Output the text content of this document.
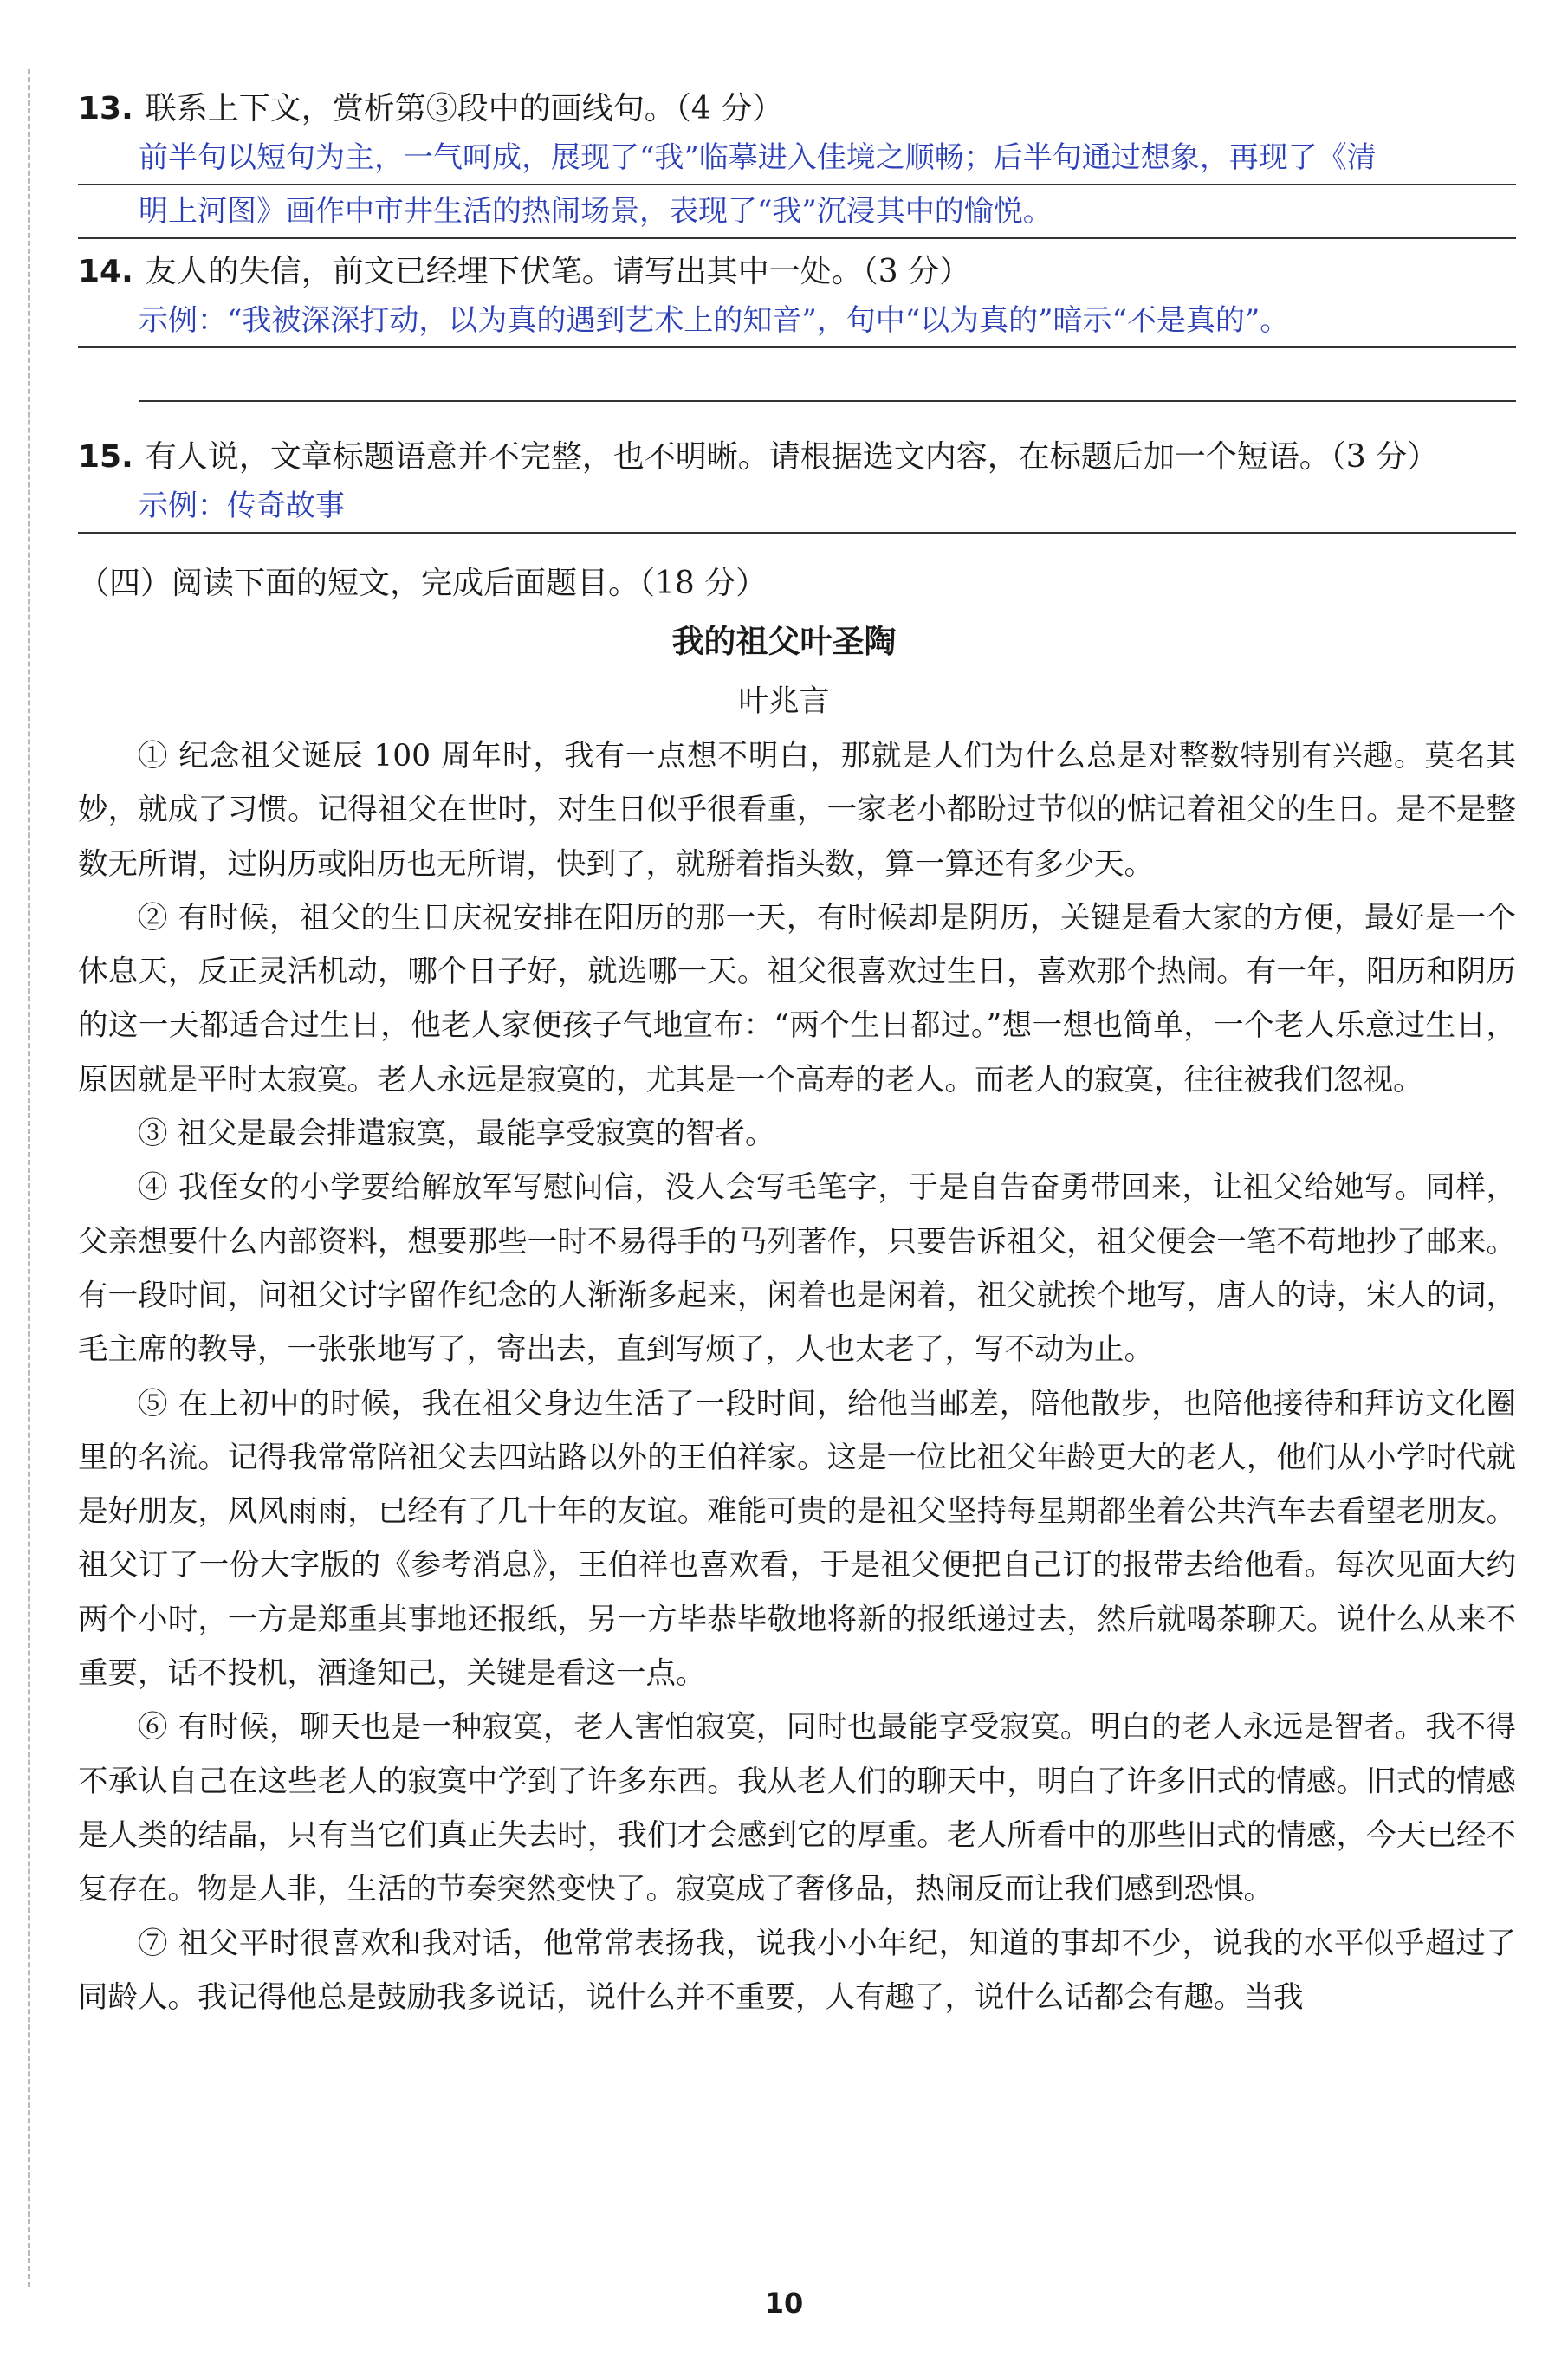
13. 联系上下文，赏析第③段中的画线句。（4 分）
前半句以短句为主，一气呵成，展现了“我”临摹进入佳境之顺畅；后半句通过想象，再现了《清
明上河图》画作中市井生活的热闹场景，表现了“我”沉浸其中的愉悦。
14. 友人的失信，前文已经埋下伏笔。请写出其中一处。（3 分）
示例：“我被深深打动，以为真的遇到艺术上的知音”，句中“以为真的”暗示“不是真的”。
15. 有人说，文章标题语意并不完整，也不明晰。请根据选文内容，在标题后加一个短语。（3 分）
示例：传奇故事
（四）阅读下面的短文，完成后面题目。（18 分）
我的祖父叶圣陶
叶兆言

① 纪念祖父诞辰 100 周年时，我有一点想不明白，那就是人们为什么总是对整数特别有兴趣。莫名其妙，就成了习惯。记得祖父在世时，对生日似乎很看重，一家老小都盼过节似的惦记着祖父的生日。是不是整数无所谓，过阴历或阳历也无所谓，快到了，就掰着指头数，算一算还有多少天。

② 有时候，祖父的生日庆祝安排在阳历的那一天，有时候却是阴历，关键是看大家的方便，最好是一个休息天，反正灵活机动，哪个日子好，就选哪一天。祖父很喜欢过生日，喜欢那个热闹。有一年，阳历和阴历的这一天都适合过生日，他老人家便孩子气地宣布：“两个生日都过。”想一想也简单，一个老人乐意过生日，原因就是平时太寂寞。老人永远是寂寞的，尤其是一个高寿的老人。而老人的寂寞，往往被我们忽视。

③ 祖父是最会排遣寂寞，最能享受寂寞的智者。

④ 我侄女的小学要给解放军写慰问信，没人会写毛笔字，于是自告奋勇带回来，让祖父给她写。同样，父亲想要什么内部资料，想要那些一时不易得手的马列著作，只要告诉祖父，祖父便会一笔不苟地抄了邮来。有一段时间，问祖父讨字留作纪念的人渐渐多起来，闲着也是闲着，祖父就挨个地写，唐人的诗，宋人的词，毛主席的教导，一张张地写了，寄出去，直到写烦了，人也太老了，写不动为止。

⑤ 在上初中的时候，我在祖父身边生活了一段时间，给他当邮差，陪他散步，也陪他接待和拜访文化圈里的名流。记得我常常陪祖父去四站路以外的王伯祥家。这是一位比祖父年龄更大的老人，他们从小学时代就是好朋友，风风雨雨，已经有了几十年的友谊。难能可贵的是祖父坚持每星期都坐着公共汽车去看望老朋友。祖父订了一份大字版的《参考消息》，王伯祥也喜欢看，于是祖父便把自己订的报带去给他看。每次见面大约两个小时，一方是郑重其事地还报纸，另一方毕恭毕敬地将新的报纸递过去，然后就喝茶聊天。说什么从来不重要，话不投机，酒逢知己，关键是看这一点。

⑥ 有时候，聊天也是一种寂寞，老人害怕寂寞，同时也最能享受寂寞。明白的老人永远是智者。我不得不承认自己在这些老人的寂寞中学到了许多东西。我从老人们的聊天中，明白了许多旧式的情感。旧式的情感是人类的结晶，只有当它们真正失去时，我们才会感到它的厚重。老人所看中的那些旧式的情感，今天已经不复存在。物是人非，生活的节奏突然变快了。寂寞成了奢侈品，热闹反而让我们感到恐惧。

⑦ 祖父平时很喜欢和我对话，他常常表扬我，说我小小年纪，知道的事却不少，说我的水平似乎超过了同龄人。我记得他总是鼓励我多说话，说什么并不重要，人有趣了，说什么话都会有趣。当我

10
